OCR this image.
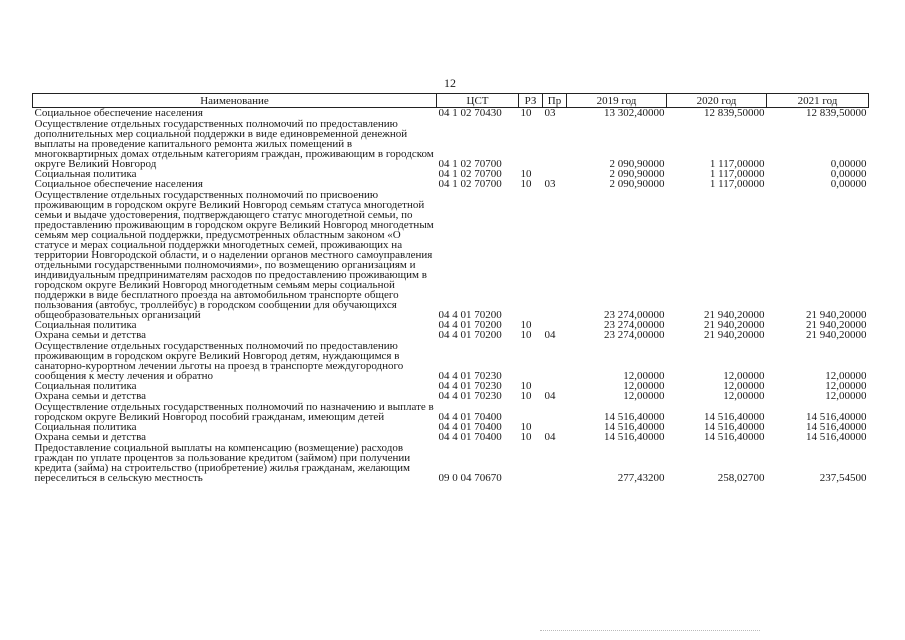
12
Наименование	ЦСТ	РЗ	Пр	2019 год	2020 год	2021 год
Социальное обеспечение населения	04 1 02 70430	10	03	13 302,40000	12 839,50000	12 839,50000
Осуществление отдельных государственных полномочий по предоставлению дополнительных мер социальной поддержки в виде единовременной денежной выплаты на проведение капитального ремонта жилых помещений в многоквартирных домах отдельным категориям граждан, проживающим в городском округе Великий Новгород	04 1 02 70700			2 090,90000	1 117,00000	0,00000
Социальная политика	04 1 02 70700	10		2 090,90000	1 117,00000	0,00000
Социальное обеспечение населения	04 1 02 70700	10	03	2 090,90000	1 117,00000	0,00000
Осуществление отдельных государственных полномочий по присвоению проживающим в городском округе Великий Новгород семьям статуса многодетной семьи и выдаче удостоверения, подтверждающего статус многодетной семьи, по предоставлению проживающим в городском округе Великий Новгород многодетным семьям мер социальной поддержки, предусмотренных областным законом «О статусе и мерах социальной поддержки многодетных семей, проживающих на территории Новгородской области, и о наделении органов местного самоуправления отдельными государственными полномочиями», по возмещению организациям и индивидуальным предпринимателям расходов по предоставлению проживающим в городском округе Великий Новгород многодетным семьям меры социальной поддержки в виде бесплатного проезда на автомобильном транспорте общего пользования (автобус, троллейбус) в городском сообщении для обучающихся общеобразовательных организаций	04 4 01 70200			23 274,00000	21 940,20000	21 940,20000
Социальная политика	04 4 01 70200	10		23 274,00000	21 940,20000	21 940,20000
Охрана семьи и детства	04 4 01 70200	10	04	23 274,00000	21 940,20000	21 940,20000
Осуществление отдельных государственных полномочий по предоставлению проживающим в городском округе Великий Новгород детям, нуждающимся в санаторно-курортном лечении льготы на проезд в транспорте междугородного сообщения к месту лечения и обратно	04 4 01 70230			12,00000	12,00000	12,00000
Социальная политика	04 4 01 70230	10		12,00000	12,00000	12,00000
Охрана семьи и детства	04 4 01 70230	10	04	12,00000	12,00000	12,00000
Осуществление отдельных государственных полномочий по назначению и выплате в городском округе Великий Новгород пособий гражданам, имеющим детей	04 4 01 70400			14 516,40000	14 516,40000	14 516,40000
Социальная политика	04 4 01 70400	10		14 516,40000	14 516,40000	14 516,40000
Охрана семьи и детства	04 4 01 70400	10	04	14 516,40000	14 516,40000	14 516,40000
Предоставление социальной выплаты на компенсацию (возмещение) расходов граждан по уплате процентов за пользование кредитом (займом) при получении кредита (займа) на строительство (приобретение) жилья гражданам, желающим переселиться в сельскую местность	09 0 04 70670			277,43200	258,02700	237,54500
